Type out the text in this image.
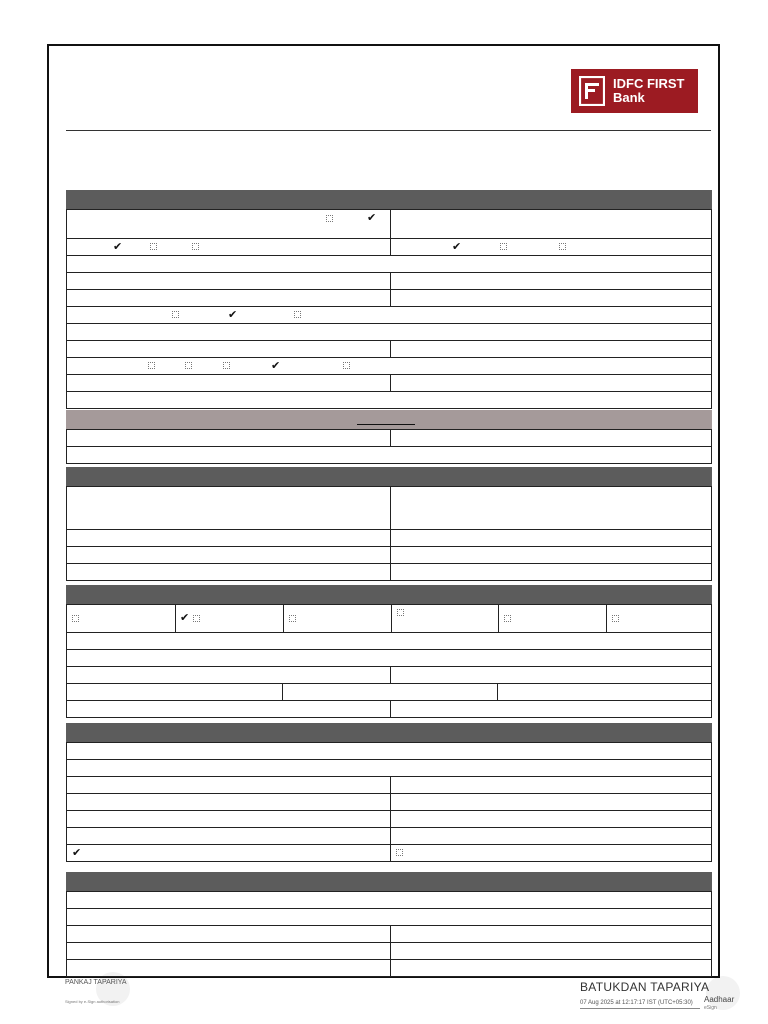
IDFC FIRST
Bank
✔
✔	✔
✔
✔
✔
✔
PANKAJ TAPARIYA
Signed by e-Sign authorisation
BATUKDAN TAPARIYA
07 Aug 2025 at 12:17:17 IST (UTC+05:30) Aadhaar
eSign
